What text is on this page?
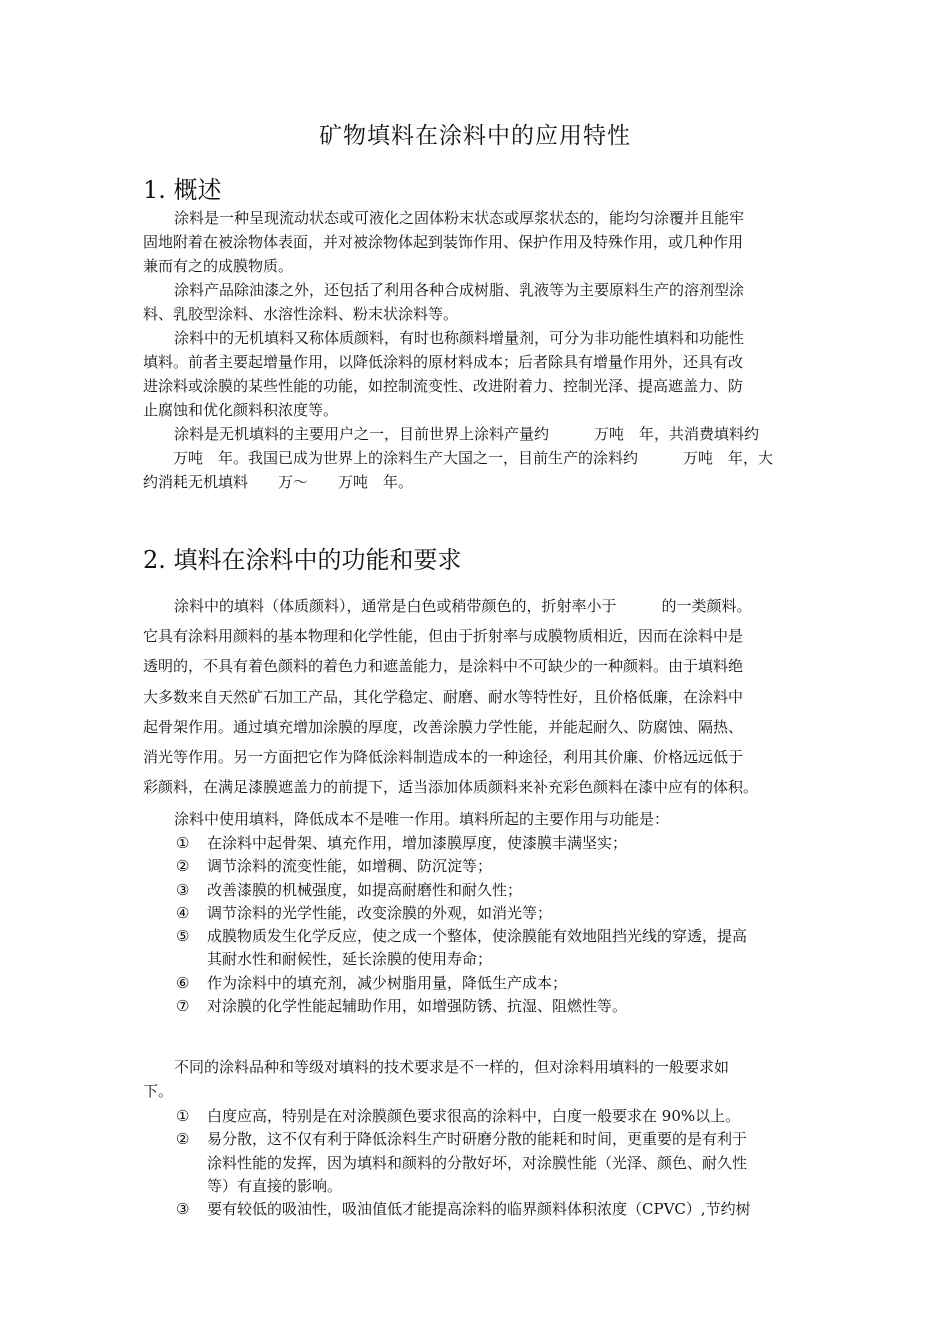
矿物填料在涂料中的应用特性
1. 概述
涂料是一种呈现流动状态或可液化之固体粉末状态或厚浆状态的，能均匀涂覆并且能牢
固地附着在被涂物体表面，并对被涂物体起到装饰作用、保护作用及特殊作用，或几种作用
兼而有之的成膜物质。
涂料产品除油漆之外，还包括了利用各种合成树脂、乳液等为主要原料生产的溶剂型涂
料、乳胶型涂料、水溶性涂料、粉末状涂料等。
涂料中的无机填料又称体质颜料，有时也称颜料增量剂，可分为非功能性填料和功能性
填料。前者主要起增量作用，以降低涂料的原材料成本；后者除具有增量作用外，还具有改
进涂料或涂膜的某些性能的功能，如控制流变性、改进附着力、控制光泽、提高遮盖力、防
止腐蚀和优化颜料积浓度等。
涂料是无机填料的主要用户之一，目前世界上涂料产量约　　　万吨　年，共消费填料约
　　万吨　年。我国已成为世界上的涂料生产大国之一，目前生产的涂料约　　　万吨　年，大
约消耗无机填料　　万～　　万吨　年。
2. 填料在涂料中的功能和要求
涂料中的填料（体质颜料），通常是白色或稍带颜色的，折射率小于　　　的一类颜料。
它具有涂料用颜料的基本物理和化学性能，但由于折射率与成膜物质相近，因而在涂料中是
透明的，不具有着色颜料的着色力和遮盖能力，是涂料中不可缺少的一种颜料。由于填料绝
大多数来自天然矿石加工产品，其化学稳定、耐磨、耐水等特性好，且价格低廉，在涂料中
起骨架作用。通过填充增加涂膜的厚度，改善涂膜力学性能，并能起耐久、防腐蚀、隔热、
消光等作用。另一方面把它作为降低涂料制造成本的一种途径，利用其价廉、价格远远低于
彩颜料，在满足漆膜遮盖力的前提下，适当添加体质颜料来补充彩色颜料在漆中应有的体积。
涂料中使用填料，降低成本不是唯一作用。填料所起的主要作用与功能是：
① 在涂料中起骨架、填充作用，增加漆膜厚度，使漆膜丰满坚实；
② 调节涂料的流变性能，如增稠、防沉淀等；
③ 改善漆膜的机械强度，如提高耐磨性和耐久性；
④ 调节涂料的光学性能，改变涂膜的外观，如消光等；
⑤ 成膜物质发生化学反应，使之成一个整体，使涂膜能有效地阻挡光线的穿透，提高
其耐水性和耐候性，延长涂膜的使用寿命；
⑥ 作为涂料中的填充剂，减少树脂用量，降低生产成本；
⑦ 对涂膜的化学性能起辅助作用，如增强防锈、抗湿、阻燃性等。
不同的涂料品种和等级对填料的技术要求是不一样的，但对涂料用填料的一般要求如
下。
① 白度应高，特别是在对涂膜颜色要求很高的涂料中，白度一般要求在 90%以上。
② 易分散，这不仅有利于降低涂料生产时研磨分散的能耗和时间，更重要的是有利于
涂料性能的发挥，因为填料和颜料的分散好坏，对涂膜性能（光泽、颜色、耐久性
等）有直接的影响。
③ 要有较低的吸油性，吸油值低才能提高涂料的临界颜料体积浓度（CPVC）,节约树
